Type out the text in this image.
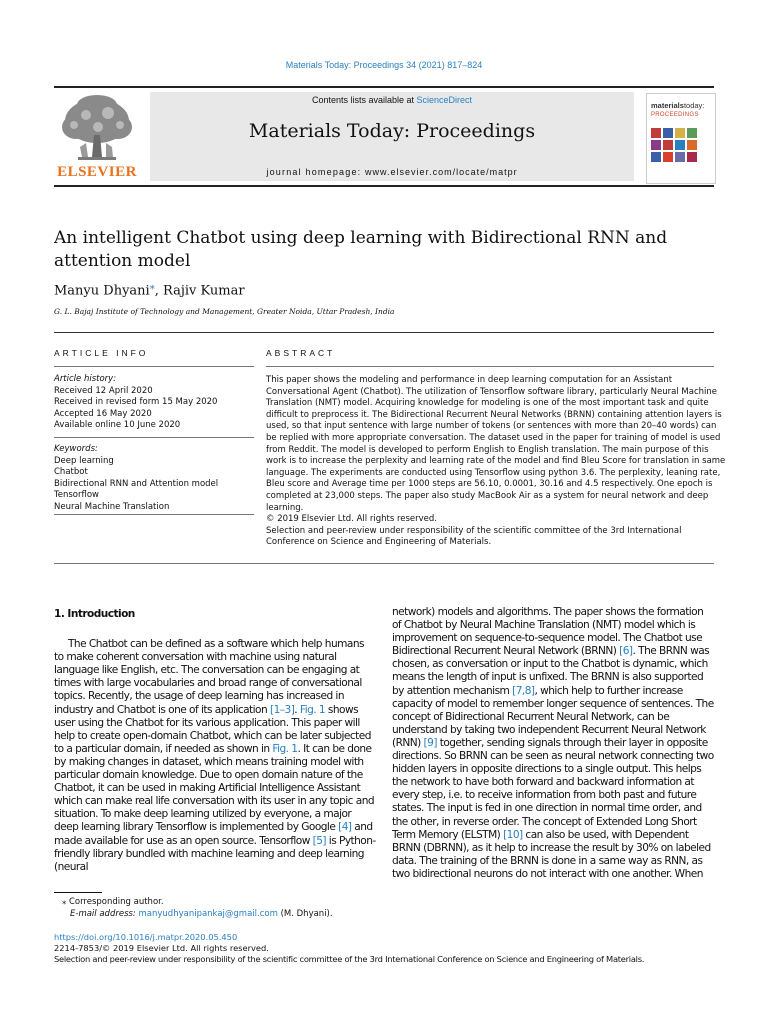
Materials Today: Proceedings 34 (2021) 817–824
ELSEVIER
Contents lists available at ScienceDirect
Materials Today: Proceedings
journal homepage: www.elsevier.com/locate/matpr
materialstoday:
PROCEEDINGS
An intelligent Chatbot using deep learning with Bidirectional RNN and attention model
Manyu Dhyani⁎, Rajiv Kumar
G. L. Bajaj Institute of Technology and Management, Greater Noida, Uttar Pradesh, India
ARTICLE INFO	ABSTRACT
Article history:
Received 12 April 2020
Received in revised form 15 May 2020
Accepted 16 May 2020
Available online 10 June 2020
Keywords:
Deep learning
Chatbot
Bidirectional RNN and Attention model
Tensorflow
Neural Machine Translation

This paper shows the modeling and performance in deep learning computation for an Assistant Conversational Agent (Chatbot). The utilization of Tensorflow software library, particularly Neural Machine Translation (NMT) model. Acquiring knowledge for modeling is one of the most important task and quite difficult to preprocess it. The Bidirectional Recurrent Neural Networks (BRNN) containing attention layers is used, so that input sentence with large number of tokens (or sentences with more than 20–40 words) can be replied with more appropriate conversation. The dataset used in the paper for training of model is used from Reddit. The model is developed to perform English to English translation. The main purpose of this work is to increase the perplexity and learning rate of the model and find Bleu Score for translation in same language. The experiments are conducted using Tensorflow using python 3.6. The perplexity, leaning rate, Bleu score and Average time per 1000 steps are 56.10, 0.0001, 30.16 and 4.5 respectively. One epoch is completed at 23,000 steps. The paper also study MacBook Air as a system for neural network and deep learning.

© 2019 Elsevier Ltd. All rights reserved.

Selection and peer-review under responsibility of the scientific committee of the 3rd International Conference on Science and Engineering of Materials.

1. Introduction

The Chatbot can be defined as a software which help humans to make coherent conversation with machine using natural language like English, etc. The conversation can be engaging at times with large vocabularies and broad range of conversational topics. Recently, the usage of deep learning has increased in industry and Chatbot is one of its application [1–3]. Fig. 1 shows user using the Chatbot for its various application. This paper will help to create open-domain Chatbot, which can be later subjected to a particular domain, if needed as shown in Fig. 1. It can be done by making changes in dataset, which means training model with particular domain knowledge. Due to open domain nature of the Chatbot, it can be used in making Artificial Intelligence Assistant which can make real life conversation with its user in any topic and situation. To make deep learning utilized by everyone, a major deep learning library Tensorflow is implemented by Google [4] and made available for use as an open source. Tensorflow [5] is Python-friendly library bundled with machine learning and deep learning (neural

network) models and algorithms. The paper shows the formation of Chatbot by Neural Machine Translation (NMT) model which is improvement on sequence-to-sequence model. The Chatbot use Bidirectional Recurrent Neural Network (BRNN) [6]. The BRNN was chosen, as conversation or input to the Chatbot is dynamic, which means the length of input is unfixed. The BRNN is also supported by attention mechanism [7,8], which help to further increase capacity of model to remember longer sequence of sentences. The concept of Bidirectional Recurrent Neural Network, can be understand by taking two independent Recurrent Neural Network (RNN) [9] together, sending signals through their layer in opposite directions. So BRNN can be seen as neural network connecting two hidden layers in opposite directions to a single output. This helps the network to have both forward and backward information at every step, i.e. to receive information from both past and future states. The input is fed in one direction in normal time order, and the other, in reverse order. The concept of Extended Long Short Term Memory (ELSTM) [10] can also be used, with Dependent BRNN (DBRNN), as it help to increase the result by 30% on labeled data. The training of the BRNN is done in a same way as RNN, as two bidirectional neurons do not interact with one another. When

⁎ Corresponding author.
E-mail address: manyudhyanipankaj@gmail.com (M. Dhyani).
https://doi.org/10.1016/j.matpr.2020.05.450
2214-7853/© 2019 Elsevier Ltd. All rights reserved.
Selection and peer-review under responsibility of the scientific committee of the 3rd International Conference on Science and Engineering of Materials.
